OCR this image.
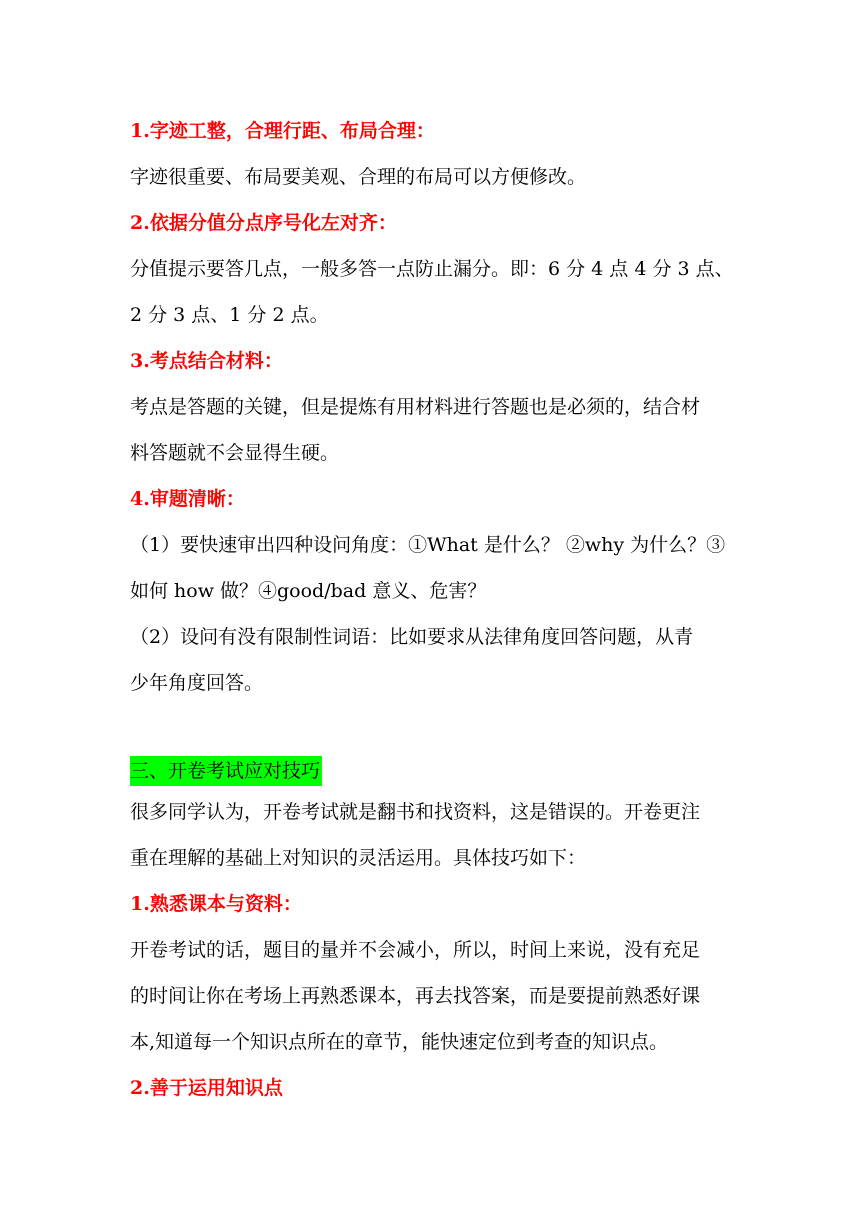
1.字迹工整，合理行距、布局合理：
字迹很重要、布局要美观、合理的布局可以方便修改。
2.依据分值分点序号化左对齐：
分值提示要答几点，一般多答一点防止漏分。即：6 分 4 点 4 分 3 点、
2 分 3 点、1 分 2 点。
3.考点结合材料：
考点是答题的关键，但是提炼有用材料进行答题也是必须的，结合材
料答题就不会显得生硬。
4.审题清晰：
（1）要快速审出四种设问角度：①What 是什么？ ②why 为什么？③
如何 how 做？④good/bad 意义、危害？
（2）设问有没有限制性词语：比如要求从法律角度回答问题，从青
少年角度回答。
三、开卷考试应对技巧
很多同学认为，开卷考试就是翻书和找资料，这是错误的。开卷更注
重在理解的基础上对知识的灵活运用。具体技巧如下：
1.熟悉课本与资料：
开卷考试的话，题目的量并不会减小，所以，时间上来说，没有充足
的时间让你在考场上再熟悉课本，再去找答案，而是要提前熟悉好课
本,知道每一个知识点所在的章节，能快速定位到考查的知识点。
2.善于运用知识点
